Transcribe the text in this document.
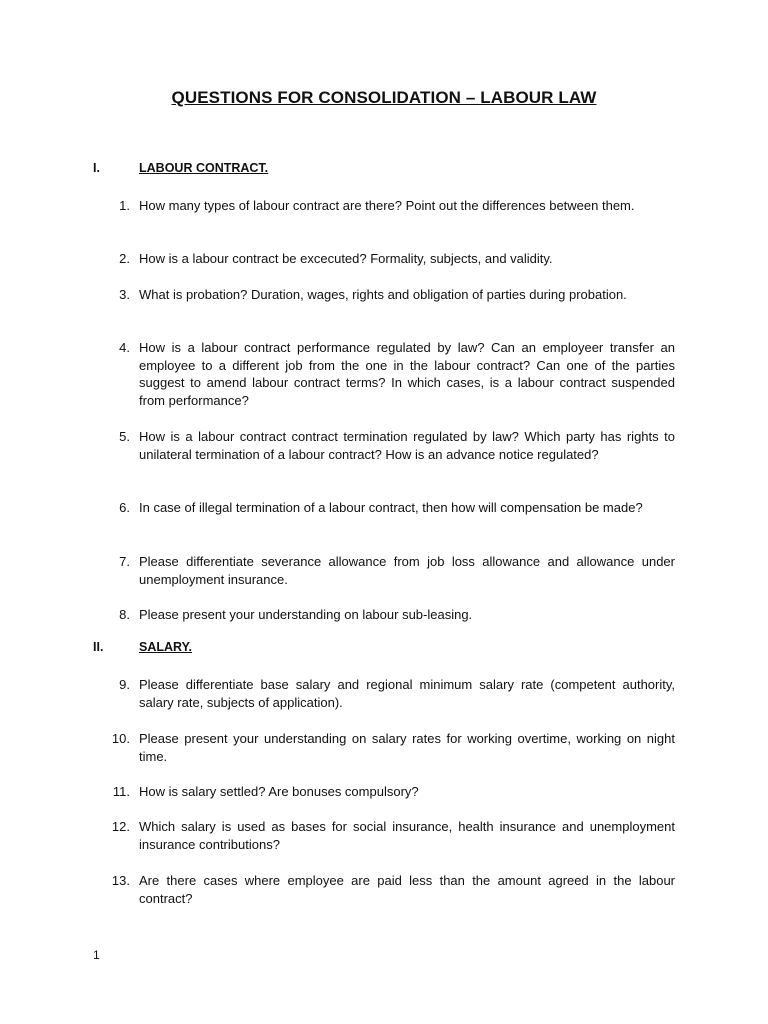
QUESTIONS FOR CONSOLIDATION – LABOUR LAW
I.	LABOUR CONTRACT.
1. How many types of labour contract are there? Point out the differences between them.
2. How is a labour contract be excecuted? Formality, subjects, and validity.
3. What is probation? Duration, wages, rights and obligation of parties during probation.
4. How is a labour contract performance regulated by law? Can an employeer transfer an employee to a different job from the one in the labour contract? Can one of the parties suggest to amend labour contract terms? In which cases, is a labour contract suspended from performance?
5. How is a labour contract contract termination regulated by law? Which party has rights to unilateral termination of a labour contract? How is an advance notice regulated?
6. In case of illegal termination of a labour contract, then how will compensation be made?
7. Please differentiate severance allowance from job loss allowance and allowance under unemployment insurance.
8. Please present your understanding on labour sub-leasing.
II.	SALARY.
9. Please differentiate base salary and regional minimum salary rate (competent authority, salary rate, subjects of application).
10. Please present your understanding on salary rates for working overtime, working on night time.
11. How is salary settled? Are bonuses compulsory?
12. Which salary is used as bases for social insurance, health insurance and unemployment insurance contributions?
13. Are there cases where employee are paid less than the amount agreed in the labour contract?
1
